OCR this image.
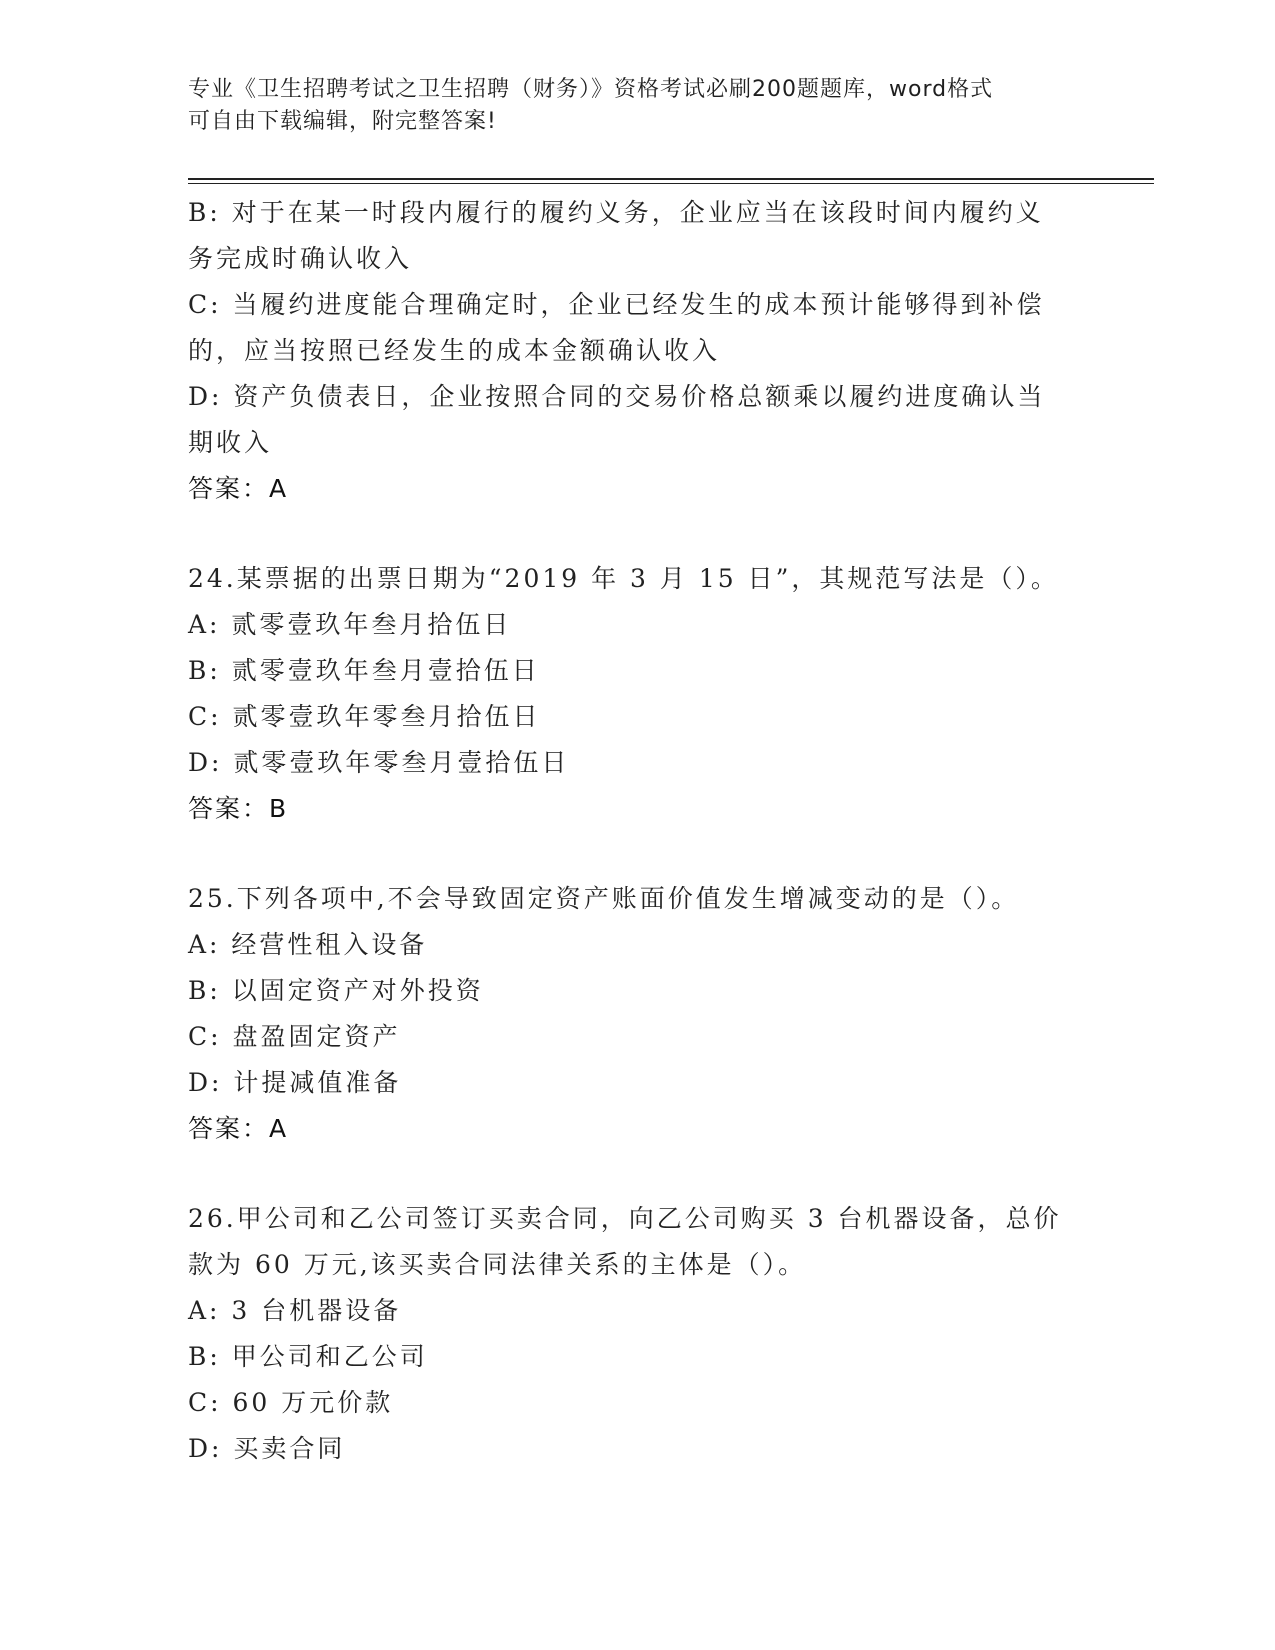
专业《卫生招聘考试之卫生招聘（财务）》资格考试必刷200题题库，word格式
可自由下载编辑，附完整答案!
B: 对于在某一时段内履行的履约义务，企业应当在该段时间内履约义
务完成时确认收入
C: 当履约进度能合理确定时，企业已经发生的成本预计能够得到补偿
的，应当按照已经发生的成本金额确认收入
D: 资产负债表日，企业按照合同的交易价格总额乘以履约进度确认当
期收入
答案：A
24.某票据的出票日期为“2019 年 3 月 15 日”，其规范写法是（）。
A: 贰零壹玖年叁月拾伍日
B: 贰零壹玖年叁月壹拾伍日
C: 贰零壹玖年零叁月拾伍日
D: 贰零壹玖年零叁月壹拾伍日
答案：B
25.下列各项中,不会导致固定资产账面价值发生增减变动的是（）。
A: 经营性租入设备
B: 以固定资产对外投资
C: 盘盈固定资产
D: 计提减值准备
答案：A
26.甲公司和乙公司签订买卖合同，向乙公司购买 3 台机器设备，总价
款为 60 万元,该买卖合同法律关系的主体是（）。
A: 3 台机器设备
B: 甲公司和乙公司
C: 60 万元价款
D: 买卖合同
